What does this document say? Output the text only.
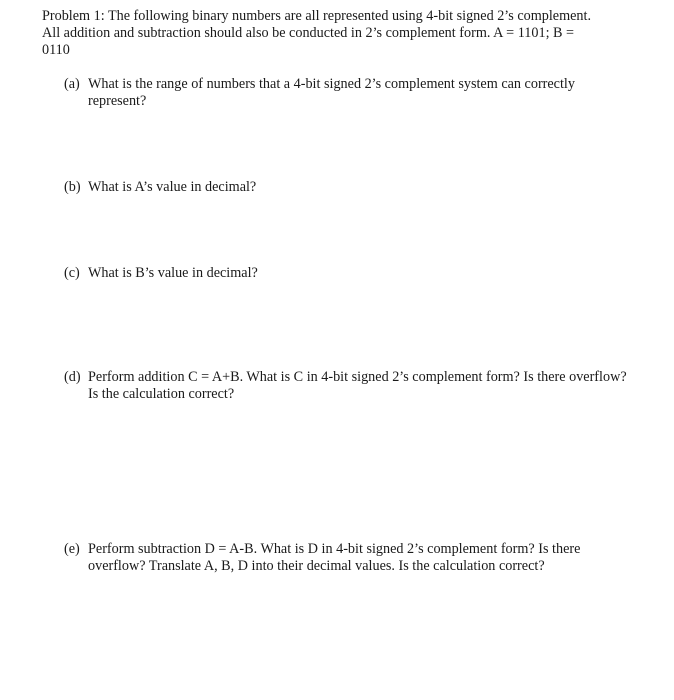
Problem 1: The following binary numbers are all represented using 4-bit signed 2’s complement. All addition and subtraction should also be conducted in 2’s complement form. A = 1101; B = 0110
(a) What is the range of numbers that a 4-bit signed 2’s complement system can correctly represent?
(b) What is A’s value in decimal?
(c) What is B’s value in decimal?
(d) Perform addition C = A+B. What is C in 4-bit signed 2’s complement form? Is there overflow? Is the calculation correct?
(e) Perform subtraction D = A-B. What is D in 4-bit signed 2’s complement form? Is there overflow? Translate A, B, D into their decimal values. Is the calculation correct?
